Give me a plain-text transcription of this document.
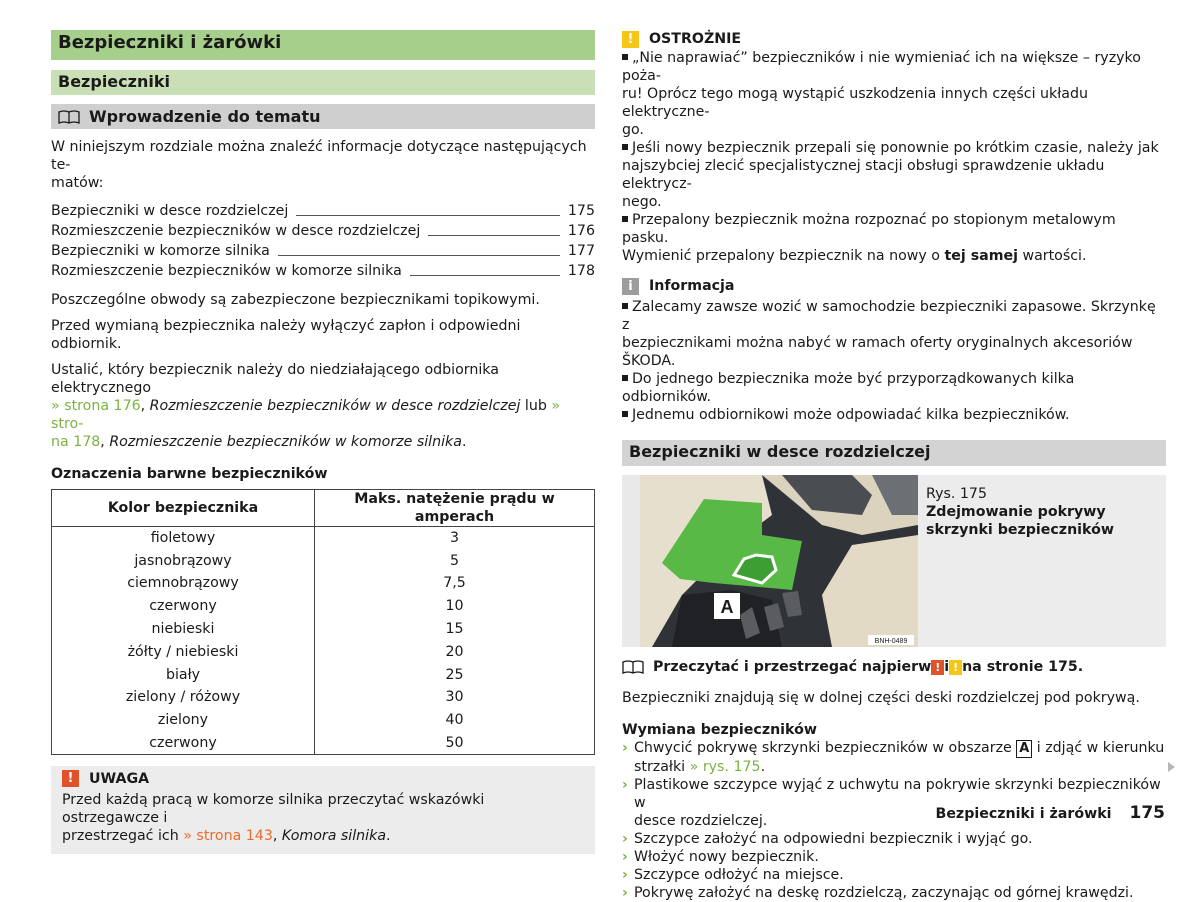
Bezpieczniki i żarówki
Bezpieczniki
Wprowadzenie do tematu
W niniejszym rozdziale można znaleźć informacje dotyczące następujących te-
matów:
Bezpieczniki w desce rozdzielczej	175
Rozmieszczenie bezpieczników w desce rozdzielczej	176
Bezpieczniki w komorze silnika	177
Rozmieszczenie bezpieczników w komorze silnika	178

Poszczególne obwody są zabezpieczone bezpiecznikami topikowymi.

Przed wymianą bezpiecznika należy wyłączyć zapłon i odpowiedni odbiornik.

Ustalić, który bezpiecznik należy do niedziałającego odbiornika elektrycznego
» strona 176, Rozmieszczenie bezpieczników w desce rozdzielczej lub » stro-
na 178, Rozmieszczenie bezpieczników w komorze silnika.

Oznaczenia barwne bezpieczników
Kolor bezpiecznika	Maks. natężenie prądu w amperach
fioletowy	3
jasnobrązowy	5
ciemnobrązowy	7,5
czerwony	10
niebieski	15
żółty / niebieski	20
biały	25
zielony / różowy	30
zielony	40
czerwony	50
!	UWAGA
Przed każdą pracą w komorze silnika przeczytać wskazówki ostrzegawcze i
przestrzegać ich » strona 143, Komora silnika.
!	OSTROŻNIE
„Nie naprawiać” bezpieczników i nie wymieniać ich na większe – ryzyko poża-
ru! Oprócz tego mogą wystąpić uszkodzenia innych części układu elektryczne-
go.
Jeśli nowy bezpiecznik przepali się ponownie po krótkim czasie, należy jak
najszybciej zlecić specjalistycznej stacji obsługi sprawdzenie układu elektrycz-
nego.
Przepalony bezpiecznik można rozpoznać po stopionym metalowym pasku.
Wymienić przepalony bezpiecznik na nowy o tej samej wartości.
i	Informacja
Zalecamy zawsze wozić w samochodzie bezpieczniki zapasowe. Skrzynkę z
bezpiecznikami można nabyć w ramach oferty oryginalnych akcesoriów
ŠKODA.
Do jednego bezpiecznika może być przyporządkowanych kilka odbiorników.
Jednemu odbiornikowi może odpowiadać kilka bezpieczników.
Bezpieczniki w desce rozdzielczej
A
BNH-0489
Rys. 175
Zdejmowanie pokrywy skrzynki bezpieczników
Przeczytać i przestrzegać najpierw ! i ! na stronie 175.

Bezpieczniki znajdują się w dolnej części deski rozdzielczej pod pokrywą.

Wymiana bezpieczników
› Chwycić pokrywę skrzynki bezpieczników w obszarze A i zdjąć w kierunku
strzałki » rys. 175.
› Plastikowe szczypce wyjąć z uchwytu na pokrywie skrzynki bezpieczników w
desce rozdzielczej.
› Szczypce założyć na odpowiedni bezpiecznik i wyjąć go.
› Włożyć nowy bezpiecznik.
› Szczypce odłożyć na miejsce.
› Pokrywę założyć na deskę rozdzielczą, zaczynając od górnej krawędzi.
Bezpieczniki i żarówki 175
